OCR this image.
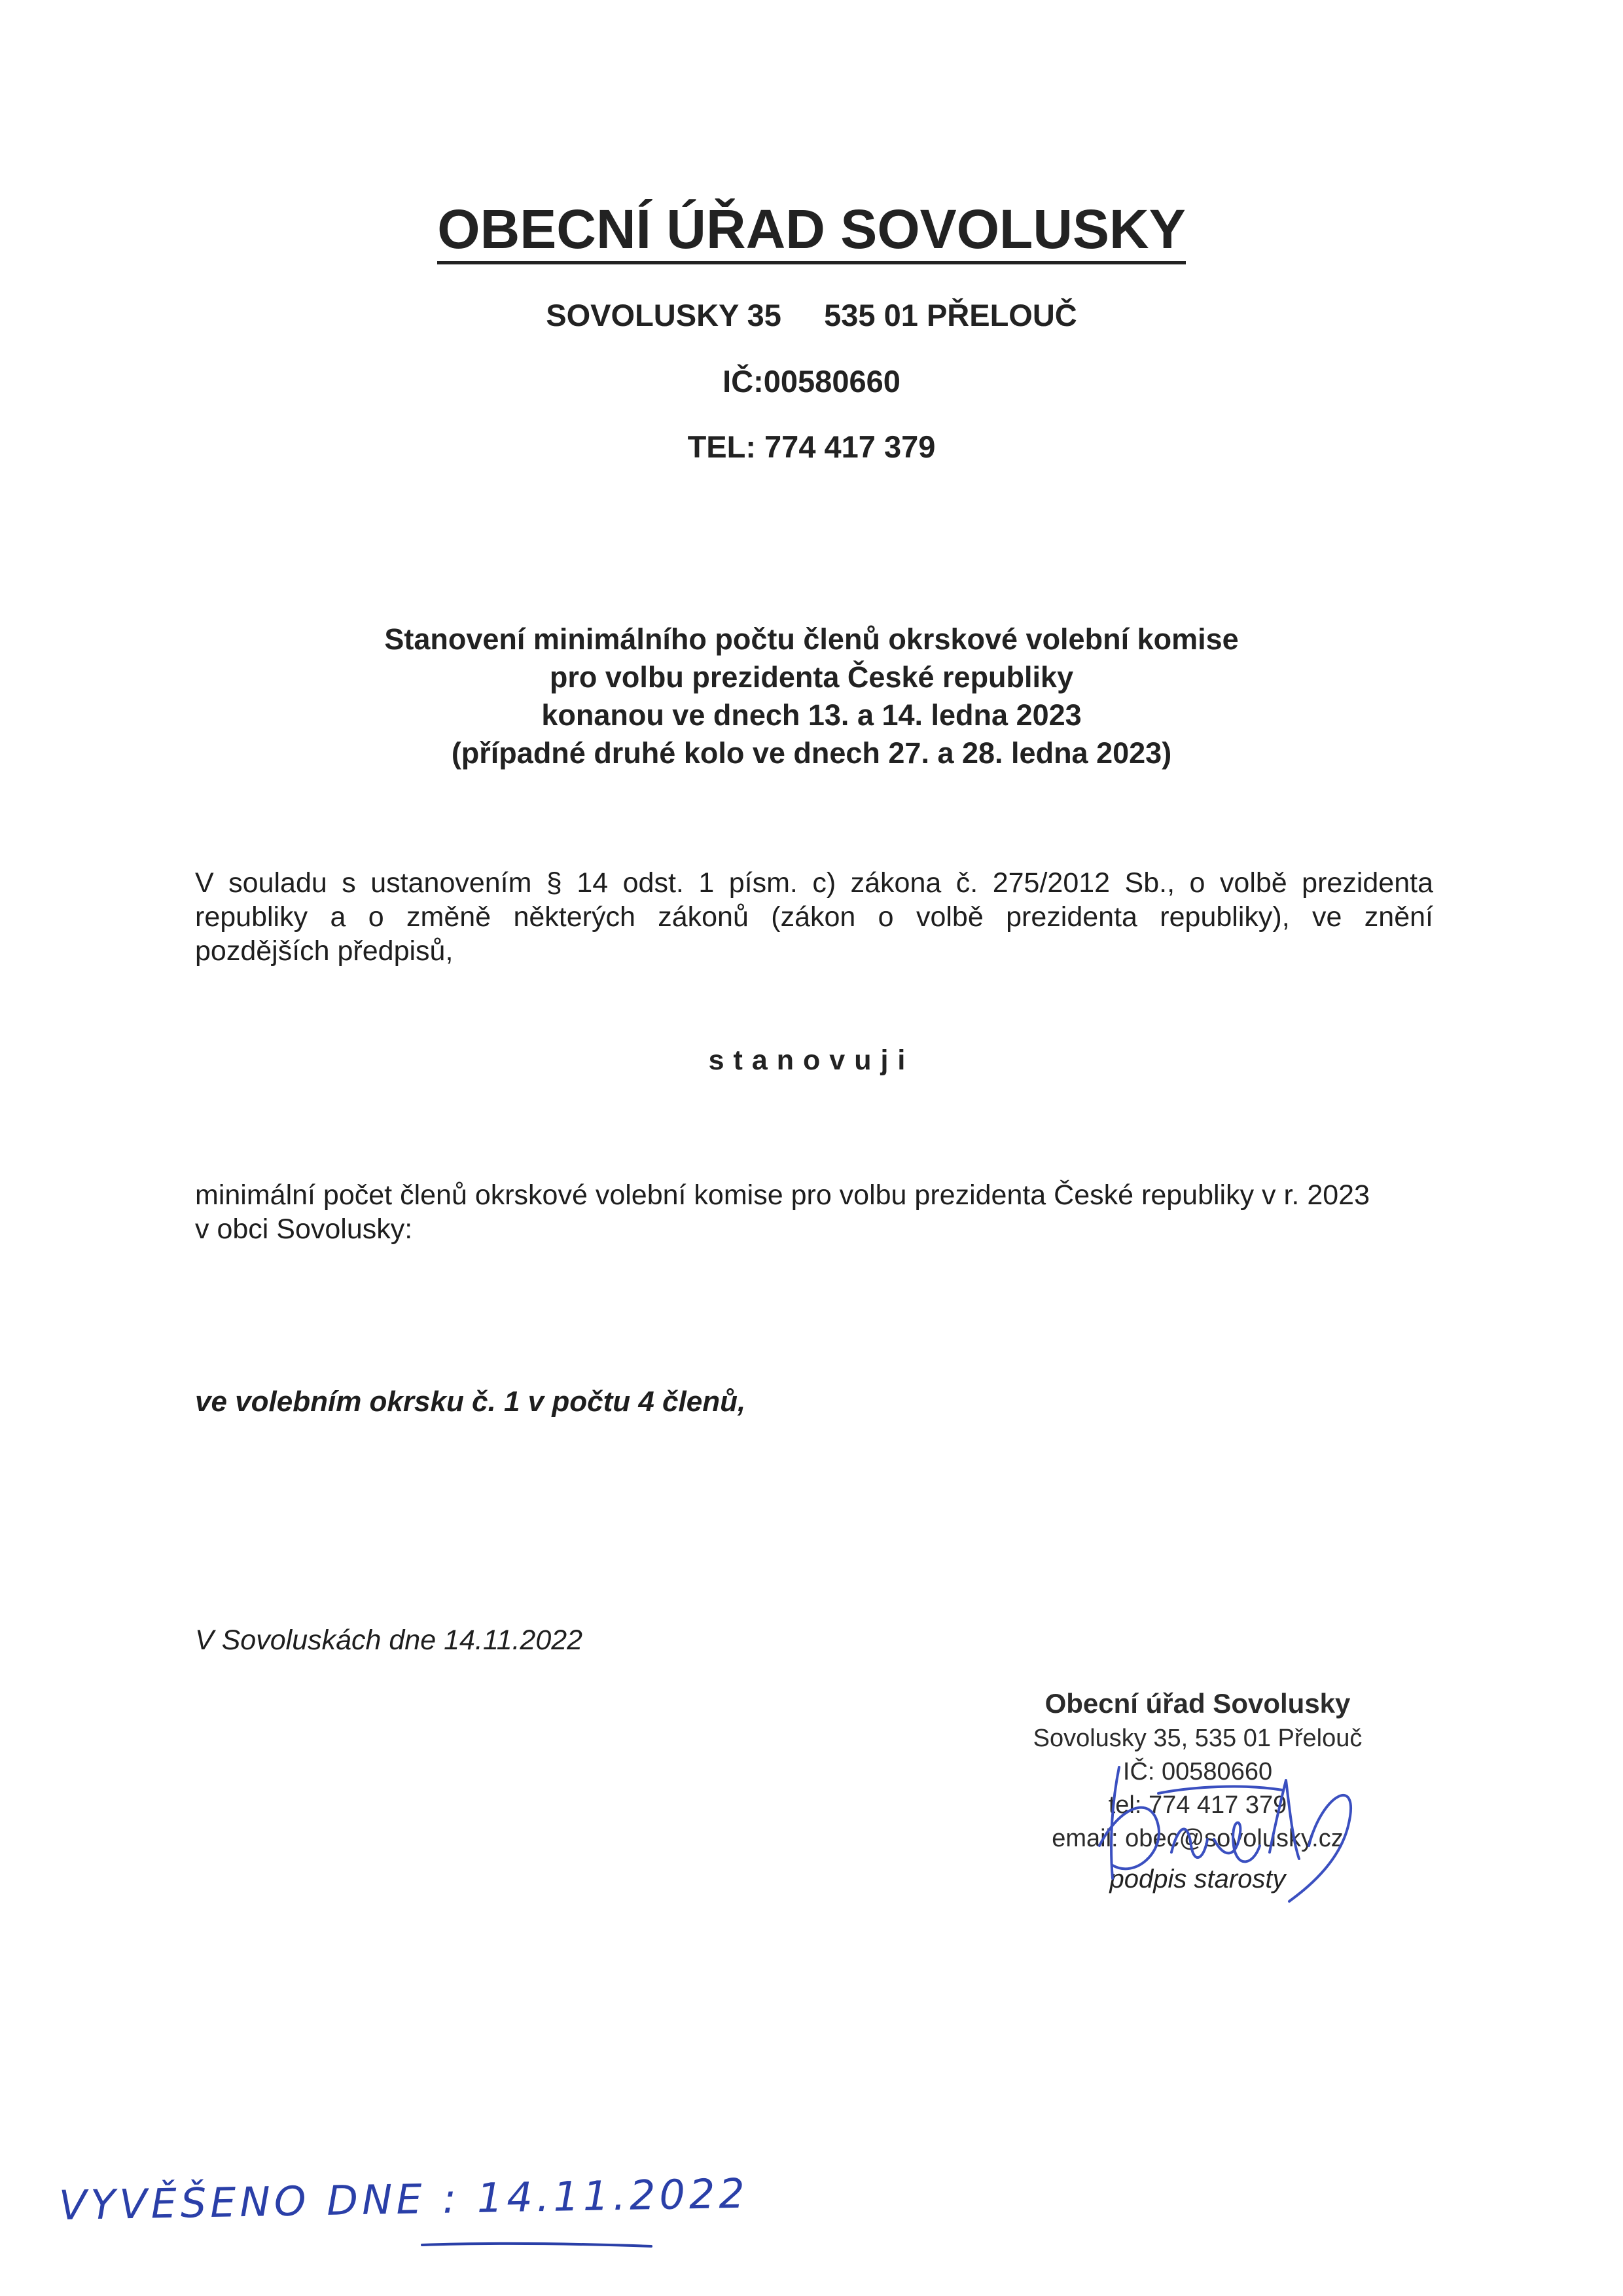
OBECNÍ ÚŘAD SOVOLUSKY
SOVOLUSKY 35     535 01 PŘELOUČ
IČ:00580660
TEL: 774 417 379
Stanovení minimálního počtu členů okrskové volební komise
pro volbu prezidenta České republiky
konanou ve dnech 13. a 14. ledna 2023
(případné druhé kolo ve dnech 27. a 28. ledna 2023)
V souladu s ustanovením § 14 odst. 1 písm. c) zákona č. 275/2012 Sb., o volbě prezidenta
republiky a o změně některých zákonů (zákon o volbě prezidenta republiky), ve znění
pozdějších předpisů,
stanovuji
minimální počet členů okrskové volební komise pro volbu prezidenta České republiky v r. 2023
v obci Sovolusky:
ve volebním okrsku č. 1 v počtu 4 členů,
V Sovoluskách dne 14.11.2022
Obecní úřad Sovolusky
Sovolusky 35, 535 01 Přelouč
IČ: 00580660
tel: 774 417 379
email: obec@sovolusky.cz
podpis starosty
VYVĚŠENO DNE : 14.11.2022
